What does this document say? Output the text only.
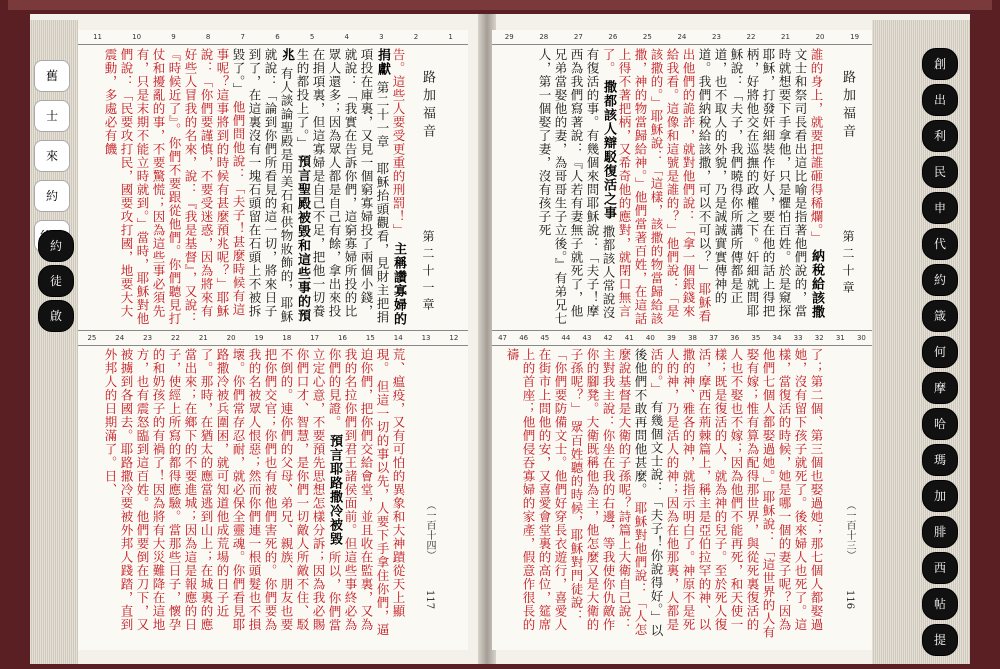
舊
士
來
約
約
徒
啟
創
出
利
民
申
代
約
箴
何
摩
哈
瑪
加
腓
西
帖
提
11	10	9	8	7	6	5	4	3	2	1
告。這些人要受更重的刑罰！」 主稱讚寡婦的捐獻 第二十一章　耶穌抬頭觀看，見財主把捐項投在庫裏，又見一個窮寡婦投了兩個小錢，就說：「我實在告訴你們，這窮寡婦所投的比眾人還多；因為眾人都是自己有餘，拿出來投在捐項裏，但這寡婦是自己不足，把他一切養生的都投上了。」 預言聖殿被毀和這些事的預兆 有人談論聖殿是用美石和供物妝飾的，耶穌就說：「論到你們所看見的這一切，將來日子到了，在這裏沒有一塊石頭留在石頭上不被拆毀了。」 他們問他說：「夫子！甚麼時候有這事呢？這事將到的時候有甚麼預兆呢？」耶穌說：「你們要謹慎，不要受迷惑，因為將來有好些人冒我的名來，說：『我是基督』，又說：『時候近了』。你們不要跟從他們。你們聽見打仗和擾亂的事，不要驚慌；因為這些事必須先有，只是末期不能立時就到。」當時，耶穌對他們說：「民要攻打民，國要攻打國，地要大大震動，多處必有饑	路加福音
第二十一章
25	24	23	22	21	20	19	18	17	16	15	14	13	12
荒、瘟疫，又有可怕的異象和大神蹟從天上顯現。 但這一切的事以先，人要下手拿住你們，逼迫你們，把你們交給會堂，並且收在監裏，又為我的名拉你們到君王諸侯面前。但這些事終必為你們的見證。 預言耶路撒冷被毀 所以，你們當立定心意，不要預先思想怎樣分訴；因為我必賜你們口才、智慧，是你們一切敵人所敵不住、駁不倒的。連你們的父母、弟兄、親族、朋友也要把你們交官；你們也有被他們害死的。你們要為我的名被眾人恨惡；然而你們連一根頭髮也不損壞。你們常存忍耐，就必保全靈魂。你們看見耶路撒冷被兵圍困，就可知道他成荒場的日子近了。那時，在猶太的應當逃到山上；在城裏的應當出來；在鄉下的不要進城；因為這是報應的日子，使經上所寫的都得應驗。當那些日子，懷孕的和奶孩子的有禍了！因為將有大災難降在這地方，也有震怒臨到這百姓。他們要倒在刀下，又被擄到各國去。耶路撒冷要被外邦人踐踏，直到外邦人的日期滿了。日、
（一百十四）
117
29	28	27	26	25	24	23	22	21	20	19
誰的身上，就要把誰砸得稀爛。」 納稅給該撒 文士和祭司長看出這比喻是指著他們說的，當時就想要下手拿他，只是懼怕百姓。於是窺探耶穌，打發奸細裝作好人，要在他的話上得把柄，好將他交在巡撫的政權之下。奸細就問耶穌說：「夫子，我們曉得你所講所傳都是正道，也不取人的外貌，乃是誠誠實實傳神的道。我們納稅給該撒，可以不可以？」 耶穌看出他們的詭詐，就對他們說：「拿一個銀錢來給我看。這像和這號是誰的？」他們說：「是該撒的。」耶穌說：「這樣，該撒的物當歸給該撒，神的物當歸給神。」他們當著百姓，在這話上得不著把柄，又希奇他的應對，就閉口無言了。 撒都該人辯駁復活之事 撒都該人常說沒有復活的事。有幾個來問耶穌說：「夫子！摩西為我們寫著說：『人若有妻無子就死了，他兄弟當娶他的妻，為哥哥生子立後。』有弟兄七人，第一個娶了妻，沒有孩子死	路加福音
第二十章
47 46 45 44 43 42 41 40 39 38 37 36 35 34 33 32 31 30
了；第二個、第三個也娶過她；那七個人都娶過她，沒有留下孩子就死了。後來婦人也死了。這樣，當復活的時候，她是哪一個的妻子呢？因為他們七個人都娶過她。」耶穌說：「這世界的人有娶有嫁；惟有算為配得那世界，與從死裏復活的人也不娶也不嫁；因為他們不能再死，和天使一樣；既是復活的人，就為神的兒子。至於死人復活，摩西在荊棘篇上，稱主是亞伯拉罕的神、以撒的神、雅各的神，就指示明白了。神原不是死人的神，乃是活人的神；因為在他那裏，人都是活的。」 有幾個文士說：「夫子！你說得好。」以後他們不敢再問他甚麼。 耶穌對他們說：「人怎麼說基督是大衛的子孫呢？詩篇上大衛自己說：主對我主說：你坐在我的右邊，等我使你仇敵作你的腳凳。大衛既稱他為主，他怎麼又是大衛的子孫呢？」 眾百姓聽的時候，耶穌對門徒說：「你們要防備文士。他們好穿長衣遊行，喜愛人在街市上問他的安，又喜愛會堂裏的高位，筵席上的首座；他們侵吞寡婦的家產，假意作很長的禱
（一百十三）
116
